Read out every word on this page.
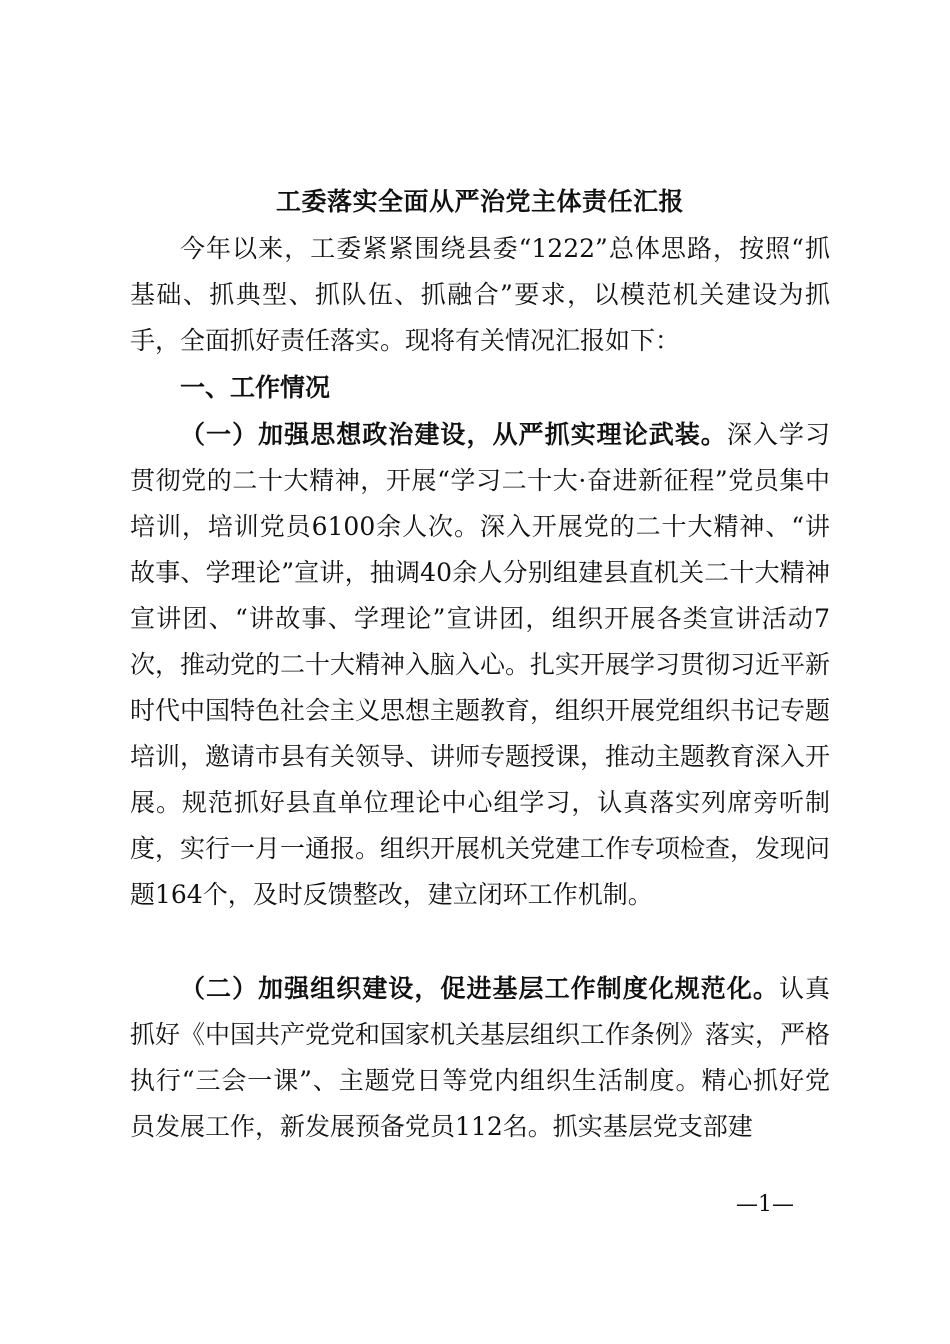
工委落实全面从严治党主体责任汇报

今年以来，工委紧紧围绕县委“1222”总体思路，按照“抓基础、抓典型、抓队伍、抓融合”要求，以模范机关建设为抓手，全面抓好责任落实。现将有关情况汇报如下：

一、工作情况

（一）加强思想政治建设，从严抓实理论武装。深入学习贯彻党的二十大精神，开展“学习二十大·奋进新征程”党员集中培训，培训党员6100余人次。深入开展党的二十大精神、“讲故事、学理论”宣讲，抽调40余人分别组建县直机关二十大精神宣讲团、“讲故事、学理论”宣讲团，组织开展各类宣讲活动7次，推动党的二十大精神入脑入心。扎实开展学习贯彻习近平新时代中国特色社会主义思想主题教育，组织开展党组织书记专题培训，邀请市县有关领导、讲师专题授课，推动主题教育深入开展。规范抓好县直单位理论中心组学习，认真落实列席旁听制度，实行一月一通报。组织开展机关党建工作专项检查，发现问题164个，及时反馈整改，建立闭环工作机制。

（二）加强组织建设，促进基层工作制度化规范化。认真抓好《中国共产党党和国家机关基层组织工作条例》落实，严格执行“三会一课”、主题党日等党内组织生活制度。精心抓好党员发展工作，新发展预备党员112名。抓实基层党支部建

—1—
